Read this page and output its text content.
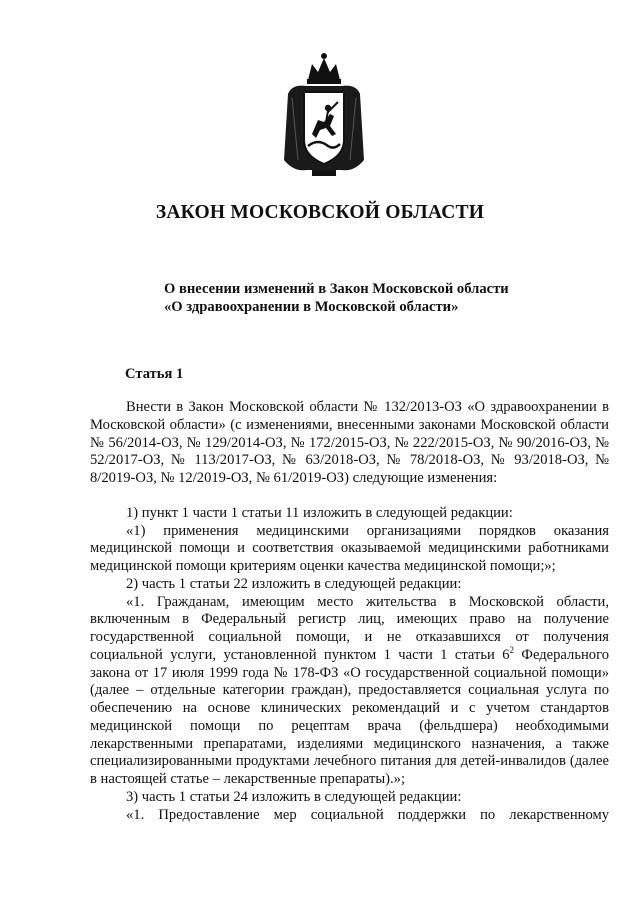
ЗАКОН МОСКОВСКОЙ ОБЛАСТИ
О внесении изменений в Закон Московской области
«О здравоохранении в Московской области»
Статья 1

Внести в Закон Московской области № 132/2013-ОЗ «О здравоохранении в Московской области» (с изменениями, внесенными законами Московской области № 56/2014-ОЗ, № 129/2014-ОЗ, № 172/2015-ОЗ, № 222/2015-ОЗ, № 90/2016-ОЗ, № 52/2017-ОЗ, № 113/2017-ОЗ, № 63/2018-ОЗ, № 78/2018-ОЗ, № 93/2018-ОЗ, № 8/2019-ОЗ, № 12/2019-ОЗ, № 61/2019-ОЗ) следующие изменения:

1) пункт 1 части 1 статьи 11 изложить в следующей редакции:

«1) применения медицинскими организациями порядков оказания медицинской помощи и соответствия оказываемой медицинскими работниками медицинской помощи критериям оценки качества медицинской помощи;»;

2) часть 1 статьи 22 изложить в следующей редакции:

«1. Гражданам, имеющим место жительства в Московской области, включенным в Федеральный регистр лиц, имеющих право на получение государственной социальной помощи, и не отказавшихся от получения социальной услуги, установленной пунктом 1 части 1 статьи $6^2$ Федерального закона от 17 июля 1999 года № 178-ФЗ «О государственной социальной помощи» (далее – отдельные категории граждан), предоставляется социальная услуга по обеспечению на основе клинических рекомендаций и с учетом стандартов медицинской помощи по рецептам врача (фельдшера) необходимыми лекарственными препаратами, изделиями медицинского назначения, а также специализированными продуктами лечебного питания для детей-инвалидов (далее в настоящей статье – лекарственные препараты).»;

3) часть 1 статьи 24 изложить в следующей редакции:

«1. Предоставление мер социальной поддержки по лекарственному
